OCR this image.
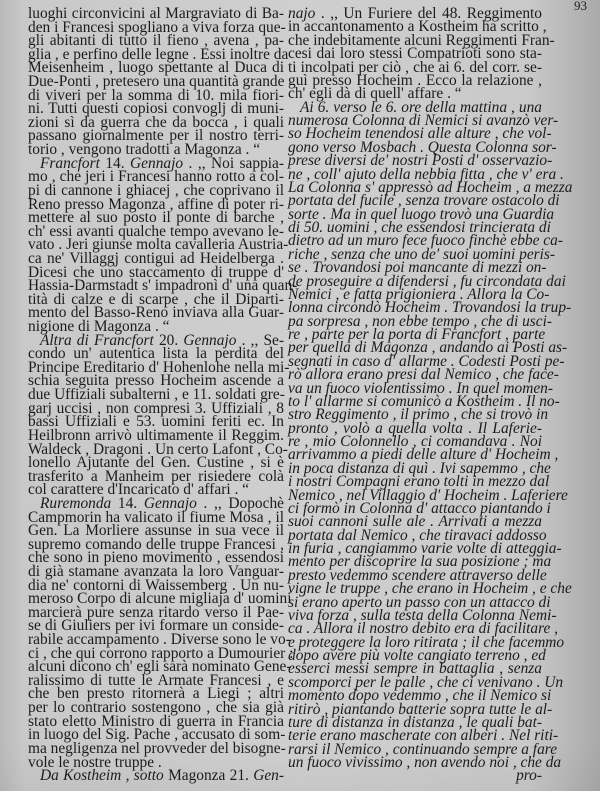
93
luoghi circonvicini al Margraviato di Ba-
den i Francesi spogliano a viva forza que-
gli abitanti di tutto il fieno , avena , pa-
glia , e perfino delle legne . Essi inoltre da
Meisenheim , luogo spettante al Duca di
Due-Ponti , pretesero una quantità grande
di viveri per la somma di 10. mila fiori-
ni. Tutti questi copiosi convoglj di muni-
zioni sì da guerra che da bocca , i quali
passano giornalmente per il nostro terri-
torio , vengono tradotti a Magonza . “
Francfort 14. Gennajo . ,, Noi sappia-
mo , che jeri i Francesi hanno rotto a col-
pi di cannone i ghiacej , che coprivano il
Reno presso Magonza , affine di poter ri-
mettere al suo posto il ponte di barche ,
ch' essi avanti qualche tempo avevano le-
vato . Jeri giunse molta cavalleria Austria-
ca ne' Villaggj contigui ad Heidelberga .
Dicesi che uno staccamento di truppe d'
Hassia-Darmstadt s' impadronì d' una quan-
tità di calze e di scarpe , che il Diparti-
mento del Basso-Reno inviava alla Guar-
nigione di Magonza . “
Altra di Francfort 20. Gennajo . ,, Se-
condo un' autentica lista la perdita del
Principe Ereditario d' Hohenlohe nella mi-
schia seguita presso Hocheim ascende a
due Uffiziali subalterni , e 11. soldati gre-
garj uccisi , non compresi 3. Uffiziali , 8
bassi Uffiziali e 53. uomini feriti ec. In
Heilbronn arrivò ultimamente il Reggim.
Waldeck , Dragoni . Un certo Lafont , Co-
lonello Ajutante del Gen. Custine , si è
trasferito a Manheim per risiedere colà
col carattere d'Incaricato d' affari . “
Ruremonda 14. Gennajo . ,, Dopochè
Campmorin ha valicato il fiume Mosa , il
Gen. La Morliere assunse in sua vece il
supremo comando delle truppe Francesi ,
che sono in pieno movimento , essendosi
di già stamane avanzata la loro Vanguar-
dia ne' contorni di Waissemberg . Un nu-
meroso Corpo di alcune migliaja d' uomini
marcierà pure senza ritardo verso il Pae-
se di Giuliers per ivi formare un conside-
rabile accampamento . Diverse sono le vo-
ci , che qui corrono rapporto a Dumourier :
alcuni dicono ch' egli sarà nominato Gene-
ralissimo di tutte le Armate Francesi , e
che ben presto ritornerà a Liegi ; altri
per lo contrario sostengono , che sia già
stato eletto Ministro di guerra in Francia
in luogo del Sig. Pache , accusato di som-
ma negligenza nel provveder del bisogne-
vole le nostre truppe .
Da Kostheim , sotto Magonza 21. Gen-
najo . ,, Un Furiere del 48. Reggimento
in accantonamento a Kostheim ha scritto ,
che indebitamente alcuni Reggimenti Fran-
cesi dai loro stessi Compatrioti sono sta-
ti incolpati per ciò , che ai 6. del corr. se-
guì presso Hocheim . Ecco la relazione ,
ch' egli dà di quell' affare . “
Ai 6. verso le 6. ore della mattina , una
numerosa Colonna di Nemici si avanzò ver-
so Hocheim tenendosi alle alture , che vol-
gono verso Mosbach . Questa Colonna sor-
prese diversi de' nostri Posti d' osservazio-
ne , coll' ajuto della nebbia fitta , che v' era .
La Colonna s' appressò ad Hocheim , a mezza
portata del fucile , senza trovare ostacolo di
sorte . Ma in quel luogo trovò una Guardia
di 50. uomini , che essendosi trincierata di
dietro ad un muro fece fuoco finchè ebbe ca-
riche , senza che uno de' suoi uomini peris-
se . Trovandosi poi mancante di mezzi on-
de proseguire a difendersi , fu circondata dai
Nemici , e fatta prigioniera . Allora la Co-
lonna circondò Hocheim . Trovandosi la trup-
pa sorpresa , non ebbe tempo , che di usci-
re , parte per la porta di Francfort , parte
per quella di Magonza , andando ai Posti as-
segnati in caso d' allarme . Codesti Posti pe-
rò allora erano presi dal Nemico , che face-
va un fuoco violentissimo . In quel momen-
to l' allarme si comunicò a Kostheim . Il no-
stro Reggimento , il primo , che si trovò in
pronto , volò a quella volta . Il Laferie-
re , mio Colonnello , ci comandava . Noi
arrivammo a piedi delle alture d' Hocheim ,
in poca distanza di quì . Ivi sapemmo , che
i nostri Compagni erano tolti in mezzo dal
Nemico , nel Villaggio d' Hocheim . Laferiere
ci formò in Colonna d' attacco piantando i
suoi cannoni sulle ale . Arrivati a mezza
portata dal Nemico , che tiravaci addosso
in furia , cangiammo varie volte di atteggia-
mento per discoprire la sua posizione ; ma
presto vedemmo scendere attraverso delle
vigne le truppe , che erano in Hocheim , e che
si erano aperto un passo con un attacco di
viva forza , sulla testa della Colonna Nemi-
ca . Allora il nostro debito era di facilitare ,
e proteggere la loro ritirata ; il che facemmo
dopo avere più volte cangiato terreno , ed
esserci messi sempre in battaglia , senza
scomporci per le palle , che ci venivano . Un
momento dopo vedemmo , che il Nemico si
ritirò , piantando batterie sopra tutte le al-
ture di distanza in distanza , le quali bat-
terie erano mascherate con alberi . Nel riti-
rarsi il Nemico , continuando sempre a fare
un fuoco vivissimo , non avendo noi , che da
pro-
